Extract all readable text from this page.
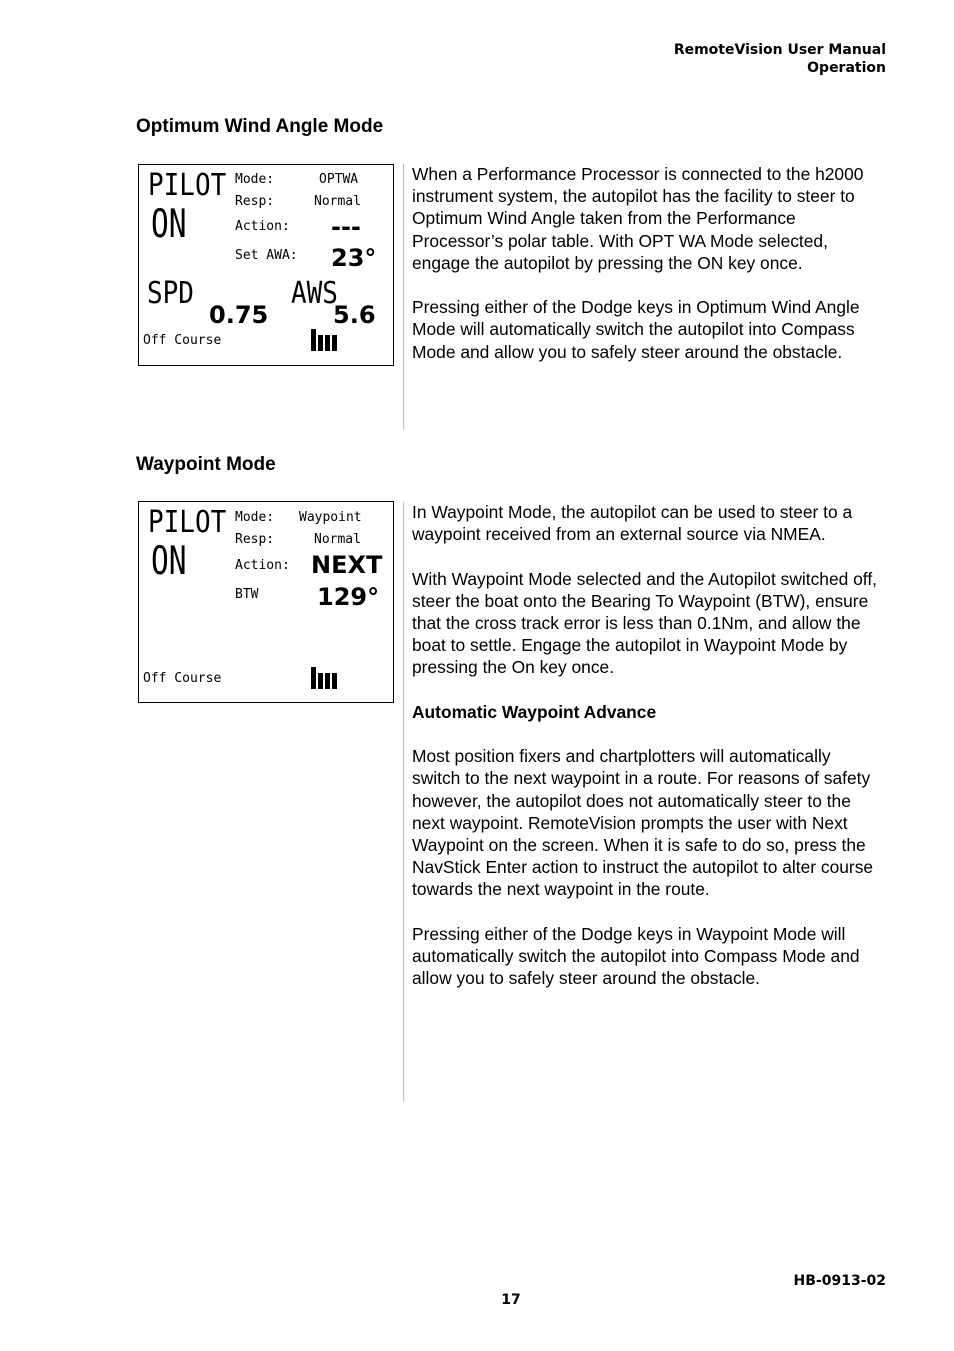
RemoteVision User Manual
Operation
Optimum Wind Angle Mode
PILOT
ON
Mode:	OPTWA
Resp:	Normal
Action: ---
Set AWA: 23°
SPD	AWS
0.75	5.6
Off Course

When a Performance Processor is connected to the h2000 instrument system, the autopilot has the facility to steer to Optimum Wind Angle taken from the Performance Processor’s polar table. With OPT WA Mode selected, engage the autopilot by pressing the ON key once.

Pressing either of the Dodge keys in Optimum Wind Angle Mode will automatically switch the autopilot into Compass Mode and allow you to safely steer around the obstacle.

Waypoint Mode
PILOT
ON
Mode: Waypoint
Resp:	Normal
Action: NEXT
BTW 129°
Off Course

In Waypoint Mode, the autopilot can be used to steer to a waypoint received from an external source via NMEA.

With Waypoint Mode selected and the Autopilot switched off, steer the boat onto the Bearing To Waypoint (BTW), ensure that the cross track error is less than 0.1Nm, and allow the boat to settle. Engage the autopilot in Waypoint Mode by pressing the On key once.

Automatic Waypoint Advance

Most position fixers and chartplotters will automatically switch to the next waypoint in a route. For reasons of safety however, the autopilot does not automatically steer to the next waypoint. RemoteVision prompts the user with Next Waypoint on the screen. When it is safe to do so, press the NavStick Enter action to instruct the autopilot to alter course towards the next waypoint in the route.

Pressing either of the Dodge keys in Waypoint Mode will automatically switch the autopilot into Compass Mode and allow you to safely steer around the obstacle.

HB-0913-02
17
